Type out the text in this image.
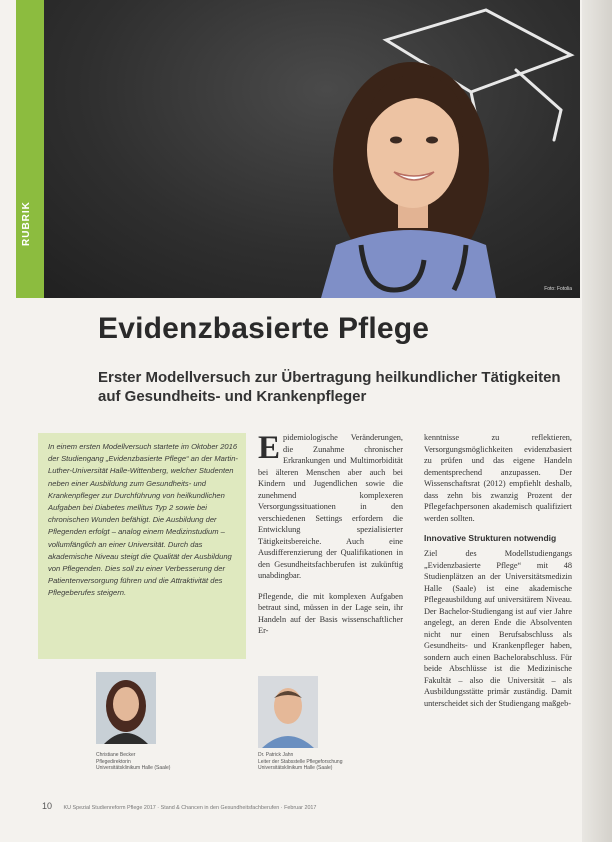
Foto: Fotolia
RUBRIK
Evidenzbasierte Pflege
Erster Modellversuch zur Übertragung heilkundlicher Tätigkeiten auf Gesundheits- und Krankenpfleger

In einem ersten Modellversuch startete im Oktober 2016 der Studiengang „Evidenzbasierte Pflege“ an der Martin-Luther-Universität Halle-Wittenberg, welcher Studenten neben einer Ausbildung zum Gesundheits- und Krankenpfleger zur Durchführung von heilkundlichen Aufgaben bei Diabetes mellitus Typ 2 sowie bei chronischen Wunden befähigt. Die Ausbildung der Pflegenden erfolgt – analog einem Medizinstudium – vollumfänglich an einer Universität. Durch das akademische Niveau steigt die Qualität der Ausbildung von Pflegenden. Dies soll zu einer Verbesserung der Patientenversorgung führen und die Attraktivität des Pflegeberufes steigern.

Christiane Becker
Pflegedirektorin
Universitätsklinikum Halle (Saale)
Dr. Patrick Jahn
Leiter der Stabsstelle Pflegeforschung
Universitätsklinikum Halle (Saale)

Epidemiologische Veränderungen, die Zunahme chronischer Erkrankungen und Multimorbidität bei älteren Menschen aber auch bei Kindern und Jugendlichen sowie die zunehmend komplexeren Versorgungssituationen in den verschiedenen Settings erfordern die Entwicklung spezialisierter Tätigkeitsbereiche. Auch eine Ausdifferenzierung der Qualifikationen in den Gesundheitsfachberufen ist zukünftig unabdingbar.

Pflegende, die mit komplexen Aufgaben betraut sind, müssen in der Lage sein, ihr Handeln auf der Basis wissenschaftlicher Er-

kenntnisse zu reflektieren, Versorgungsmöglichkeiten evidenzbasiert zu prüfen und das eigene Handeln dementsprechend anzupassen. Der Wissenschaftsrat (2012) empfiehlt deshalb, dass zehn bis zwanzig Prozent der Pflegefachpersonen akademisch qualifiziert werden sollten.

Innovative Strukturen notwendig

Ziel des Modellstudiengangs „Evidenzbasierte Pflege“ mit 48 Studienplätzen an der Universitätsmedizin Halle (Saale) ist eine akademische Pflegeausbildung auf universitärem Niveau. Der Bachelor-Studiengang ist auf vier Jahre angelegt, an deren Ende die Absolventen nicht nur einen Berufsabschluss als Gesundheits- und Krankenpfleger haben, sondern auch einen Bachelorabschluss. Für beide Abschlüsse ist die Medizinische Fakultät – also die Universität – als Ausbildungsstätte primär zuständig. Damit unterscheidet sich der Studiengang maßgeb-

10 KU Spezial Studienreform Pflege 2017 · Stand & Chancen in den Gesundheitsfachberufen · Februar 2017
